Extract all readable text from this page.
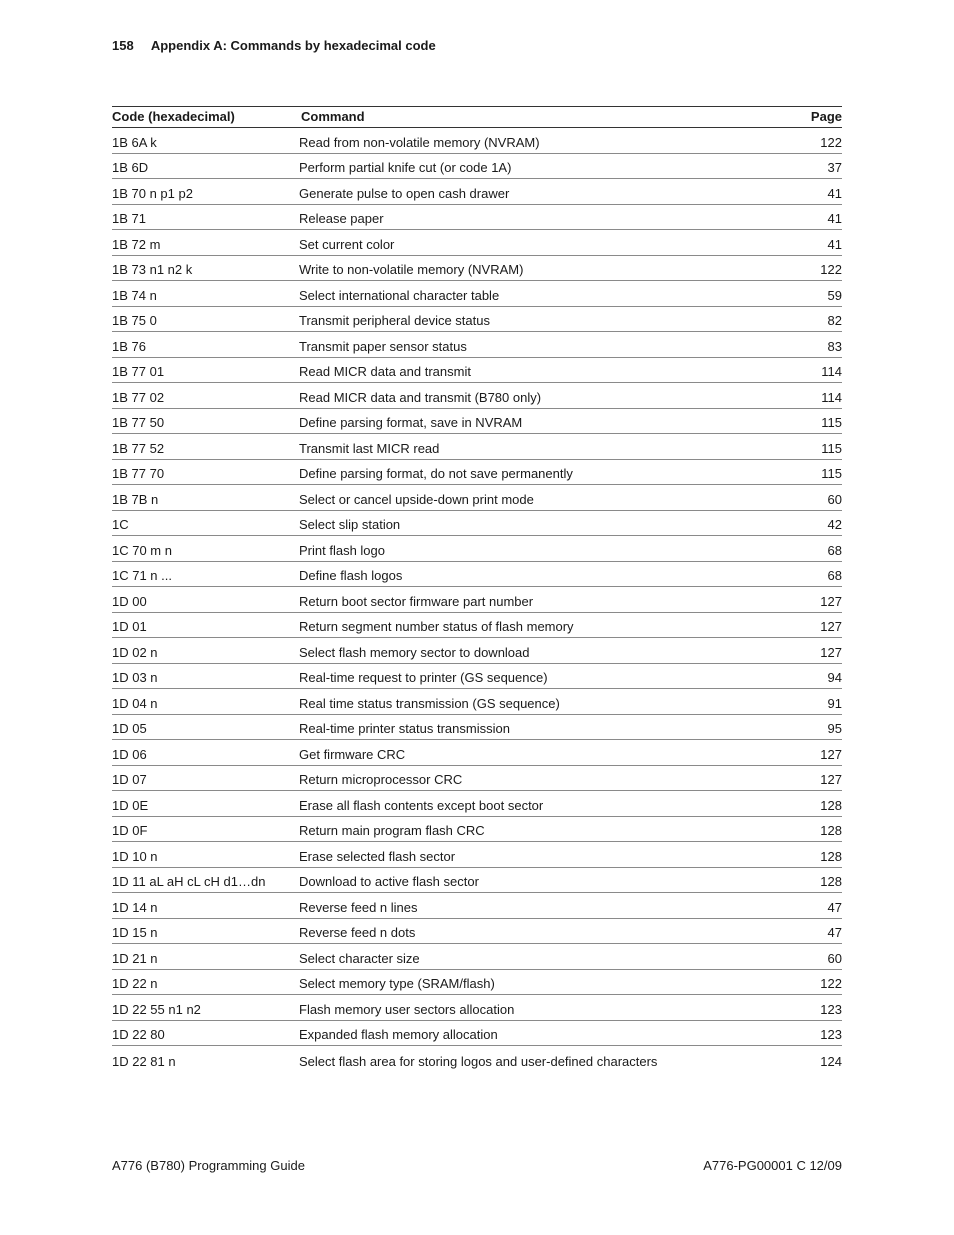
158 Appendix A: Commands by hexadecimal code
Code (hexadecimal)	Command	Page
1B 6A k	Read from non-volatile memory (NVRAM)	122
1B 6D	Perform partial knife cut (or code 1A)	37
1B 70 n p1 p2	Generate pulse to open cash drawer	41
1B 71	Release paper	41
1B 72 m	Set current color	41
1B 73 n1 n2 k	Write to non-volatile memory (NVRAM)	122
1B 74 n	Select international character table	59
1B 75 0	Transmit peripheral device status	82
1B 76	Transmit paper sensor status	83
1B 77 01	Read MICR data and transmit	114
1B 77 02	Read MICR data and transmit (B780 only)	114
1B 77 50	Define parsing format, save in NVRAM	115
1B 77 52	Transmit last MICR read	115
1B 77 70	Define parsing format, do not save permanently	115
1B 7B n	Select or cancel upside-down print mode	60
1C	Select slip station	42
1C 70 m n	Print flash logo	68
1C 71 n ...	Define flash logos	68
1D 00	Return boot sector firmware part number	127
1D 01	Return segment number status of flash memory	127
1D 02 n	Select flash memory sector to download	127
1D 03 n	Real-time request to printer (GS sequence)	94
1D 04 n	Real time status transmission (GS sequence)	91
1D 05	Real-time printer status transmission	95
1D 06	Get firmware CRC	127
1D 07	Return microprocessor CRC	127
1D 0E	Erase all flash contents except boot sector	128
1D 0F	Return main program flash CRC	128
1D 10 n	Erase selected flash sector	128
1D 11 aL aH cL cH d1…dn	Download to active flash sector	128
1D 14 n	Reverse feed n lines	47
1D 15 n	Reverse feed n dots	47
1D 21 n	Select character size	60
1D 22 n	Select memory type (SRAM/flash)	122
1D 22 55 n1 n2	Flash memory user sectors allocation	123
1D 22 80	Expanded flash memory allocation	123
1D 22 81 n	Select flash area for storing logos and user-defined characters	124
A776 (B780) Programming Guide	A776-PG00001 C 12/09
